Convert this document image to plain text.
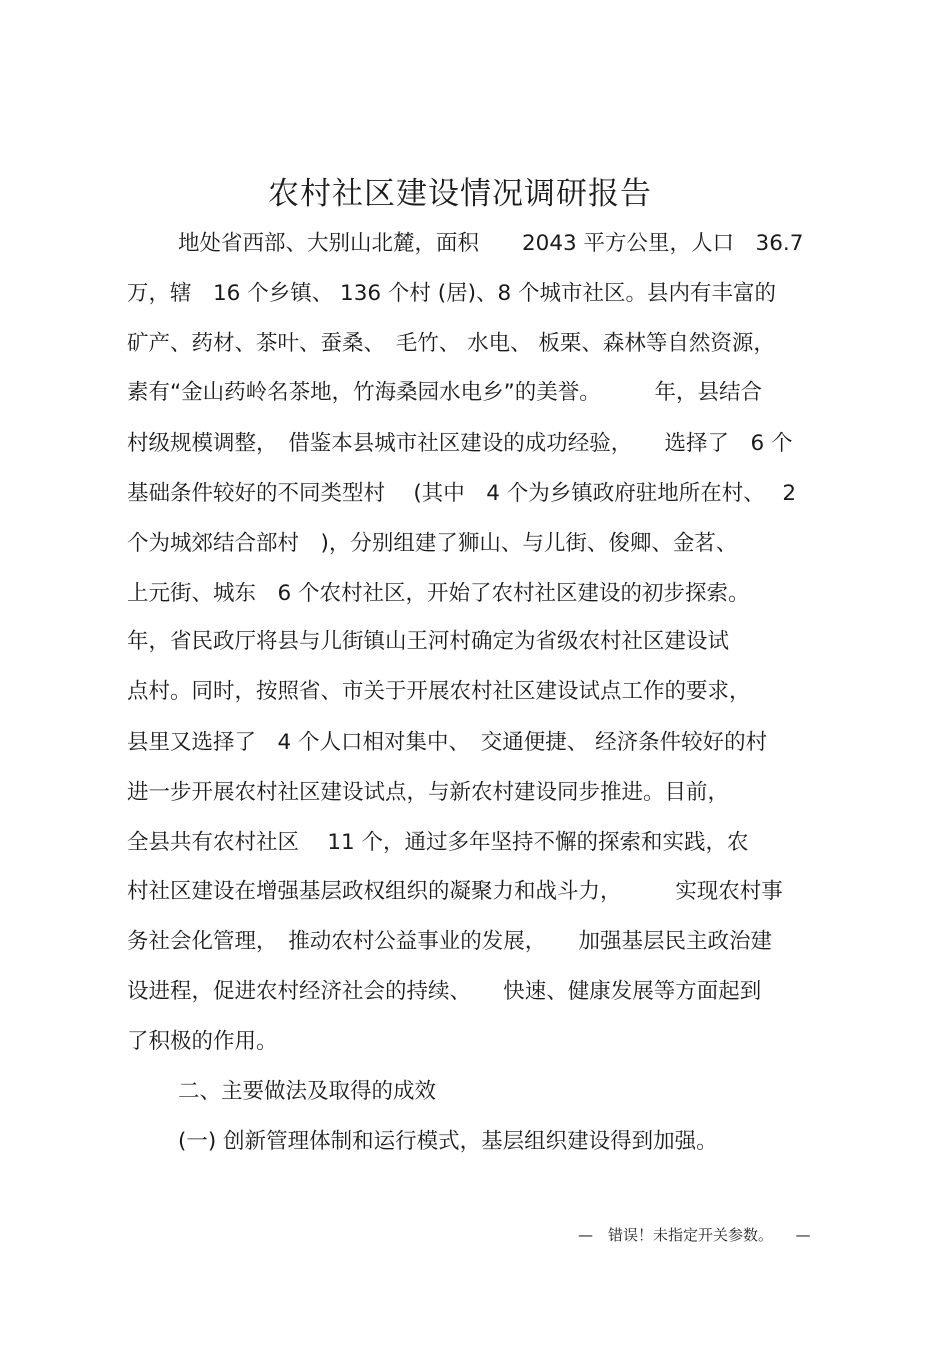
农村社区建设情况调研报告

地处省西部、大别山北麓，面积　　2043 平方公里，人口　36.7

万，辖　16 个乡镇、 136 个村 (居)、8 个城市社区。县内有丰富的

矿产、药材、茶叶、蚕桑、　毛竹、 水电、 板栗、森林等自然资源，

素有“金山药岭名茶地，竹海桑园水电乡”的美誉。　　　年，县结合

村级规模调整，　借鉴本县城市社区建设的成功经验，　　选择了　6 个

基础条件较好的不同类型村　 (其中　4 个为乡镇政府驻地所在村、　 2

个为城郊结合部村　)，分别组建了狮山、与儿街、俊卿、金茗、

上元街、城东　6 个农村社区，开始了农村社区建设的初步探索。

年，省民政厅将县与儿街镇山王河村确定为省级农村社区建设试

点村。同时，按照省、市关于开展农村社区建设试点工作的要求，

县里又选择了　4 个人口相对集中、　交通便捷、 经济条件较好的村

进一步开展农村社区建设试点，与新农村建设同步推进。目前，

全县共有农村社区　 11 个，通过多年坚持不懈的探索和实践，农

村社区建设在增强基层政权组织的凝聚力和战斗力，　　　实现农村事

务社会化管理，　推动农村公益事业的发展，　　加强基层民主政治建

设进程，促进农村经济社会的持续、　　快速、健康发展等方面起到

了积极的作用。

二、主要做法及取得的成效

(一) 创新管理体制和运行模式，基层组织建设得到加强。

—　错误！未指定开关参数。　　—
